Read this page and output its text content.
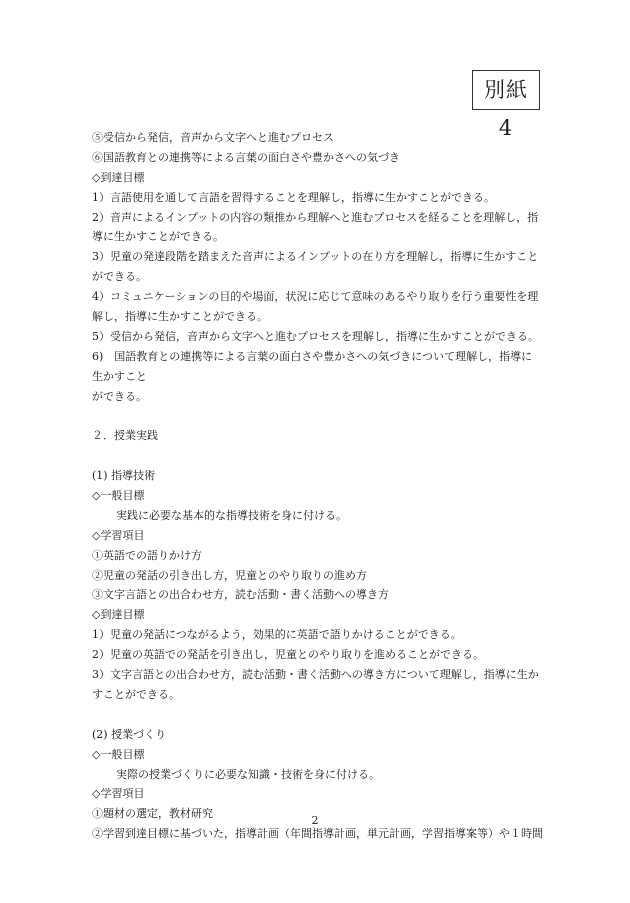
別紙 4
⑤受信から発信，音声から文字へと進むプロセス
⑥国語教育との連携等による言葉の面白さや豊かさへの気づき
◇到達目標
1）言語使用を通して言語を習得することを理解し，指導に生かすことができる。
2）音声によるインプットの内容の類推から理解へと進むプロセスを経ることを理解し，指
導に生かすことができる。
3）児童の発達段階を踏まえた音声によるインプットの在り方を理解し，指導に生かすこと
ができる。
4）コミュニケーションの目的や場面，状況に応じて意味のあるやり取りを行う重要性を理
解し，指導に生かすことができる。
5）受信から発信，音声から文字へと進むプロセスを理解し，指導に生かすことができる。
6)　国語教育との連携等による言葉の面白さや豊かさへの気づきについて理解し，指導に
生かすこと
ができる。
２．授業実践
(1) 指導技術
◇一般目標
実践に必要な基本的な指導技術を身に付ける。
◇学習項目
①英語での語りかけ方
②児童の発話の引き出し方，児童とのやり取りの進め方
③文字言語との出合わせ方，読む活動・書く活動への導き方
◇到達目標
1）児童の発話につながるよう，効果的に英語で語りかけることができる。
2）児童の英語での発話を引き出し，児童とのやり取りを進めることができる。
3）文字言語との出合わせ方，読む活動・書く活動への導き方について理解し，指導に生か
すことができる。
(2) 授業づくり
◇一般目標
実際の授業づくりに必要な知識・技術を身に付ける。
◇学習項目
①題材の選定，教材研究
②学習到達目標に基づいた，指導計画（年間指導計画，単元計画，学習指導案等）や１時間
2
